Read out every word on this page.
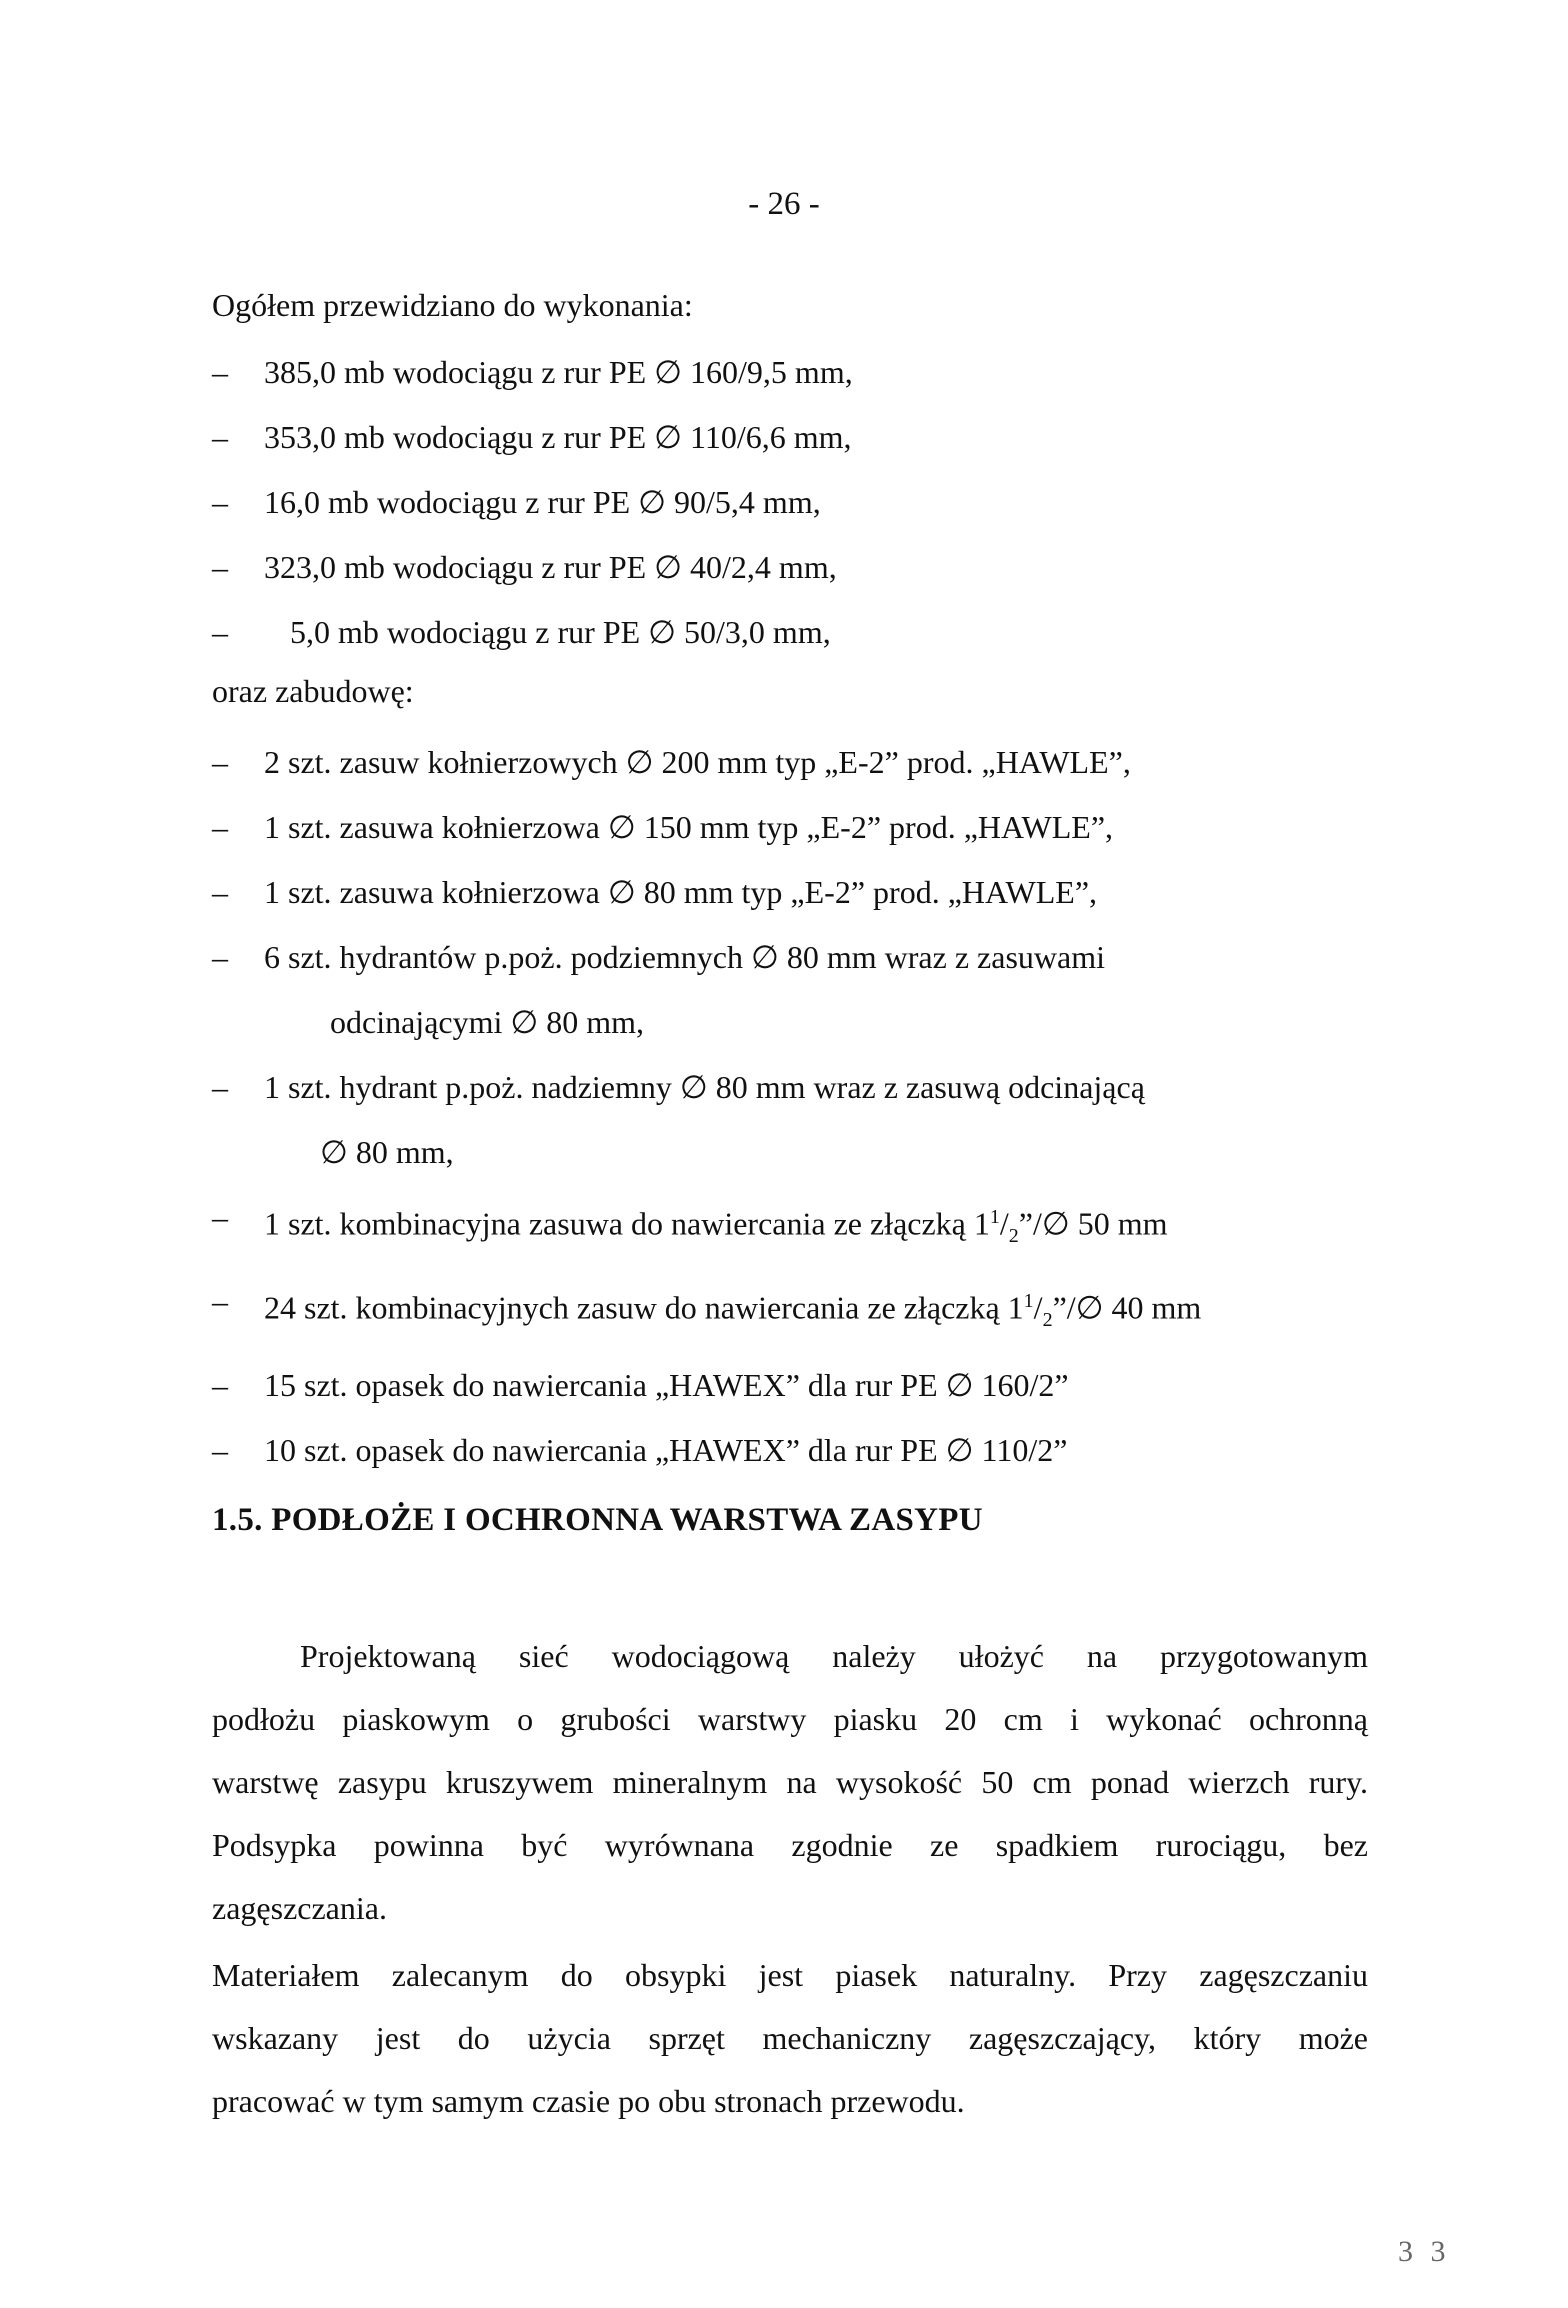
- 26 -
Ogółem przewidziano do wykonania:
–	385,0 mb wodociągu z rur PE ∅ 160/9,5 mm,
–	353,0 mb wodociągu z rur PE ∅ 110/6,6 mm,
–	16,0 mb wodociągu z rur PE ∅ 90/5,4 mm,
–	323,0 mb wodociągu z rur PE ∅ 40/2,4 mm,
–	5,0 mb wodociągu z rur PE ∅ 50/3,0 mm,
oraz zabudowę:
–	2 szt. zasuw kołnierzowych ∅ 200 mm typ „E-2” prod. „HAWLE”,
–	1 szt. zasuwa kołnierzowa ∅ 150 mm typ „E-2” prod. „HAWLE”,
–	1 szt. zasuwa kołnierzowa ∅ 80 mm typ „E-2” prod. „HAWLE”,
–	6 szt. hydrantów p.poż. podziemnych ∅ 80 mm wraz z zasuwami
odcinającymi ∅ 80 mm,
–	1 szt. hydrant p.poż. nadziemny ∅ 80 mm wraz z zasuwą odcinającą
∅ 80 mm,
–	1 szt. kombinacyjna zasuwa do nawiercania ze złączką $1^1/_2”/\emptyset$ 50 mm
–	24 szt. kombinacyjnych zasuw do nawiercania ze złączką $1^1/_2”/\emptyset$ 40 mm
–	15 szt. opasek do nawiercania „HAWEX” dla rur PE ∅ 160/2”
–	10 szt. opasek do nawiercania „HAWEX” dla rur PE ∅ 110/2”
1.5. PODŁOŻE I OCHRONNA WARSTWA ZASYPU

Projektowaną sieć wodociągową należy ułożyć na przygotowanym
podłożu piaskowym o grubości warstwy piasku 20 cm i wykonać ochronną
warstwę zasypu kruszywem mineralnym na wysokość 50 cm ponad wierzch rury.
Podsypka powinna być wyrównana zgodnie ze spadkiem rurociągu, bez
zagęszczania.

Materiałem zalecanym do obsypki jest piasek naturalny. Przy zagęszczaniu
wskazany jest do użycia sprzęt mechaniczny zagęszczający, który może
pracować w tym samym czasie po obu stronach przewodu.

3 3
